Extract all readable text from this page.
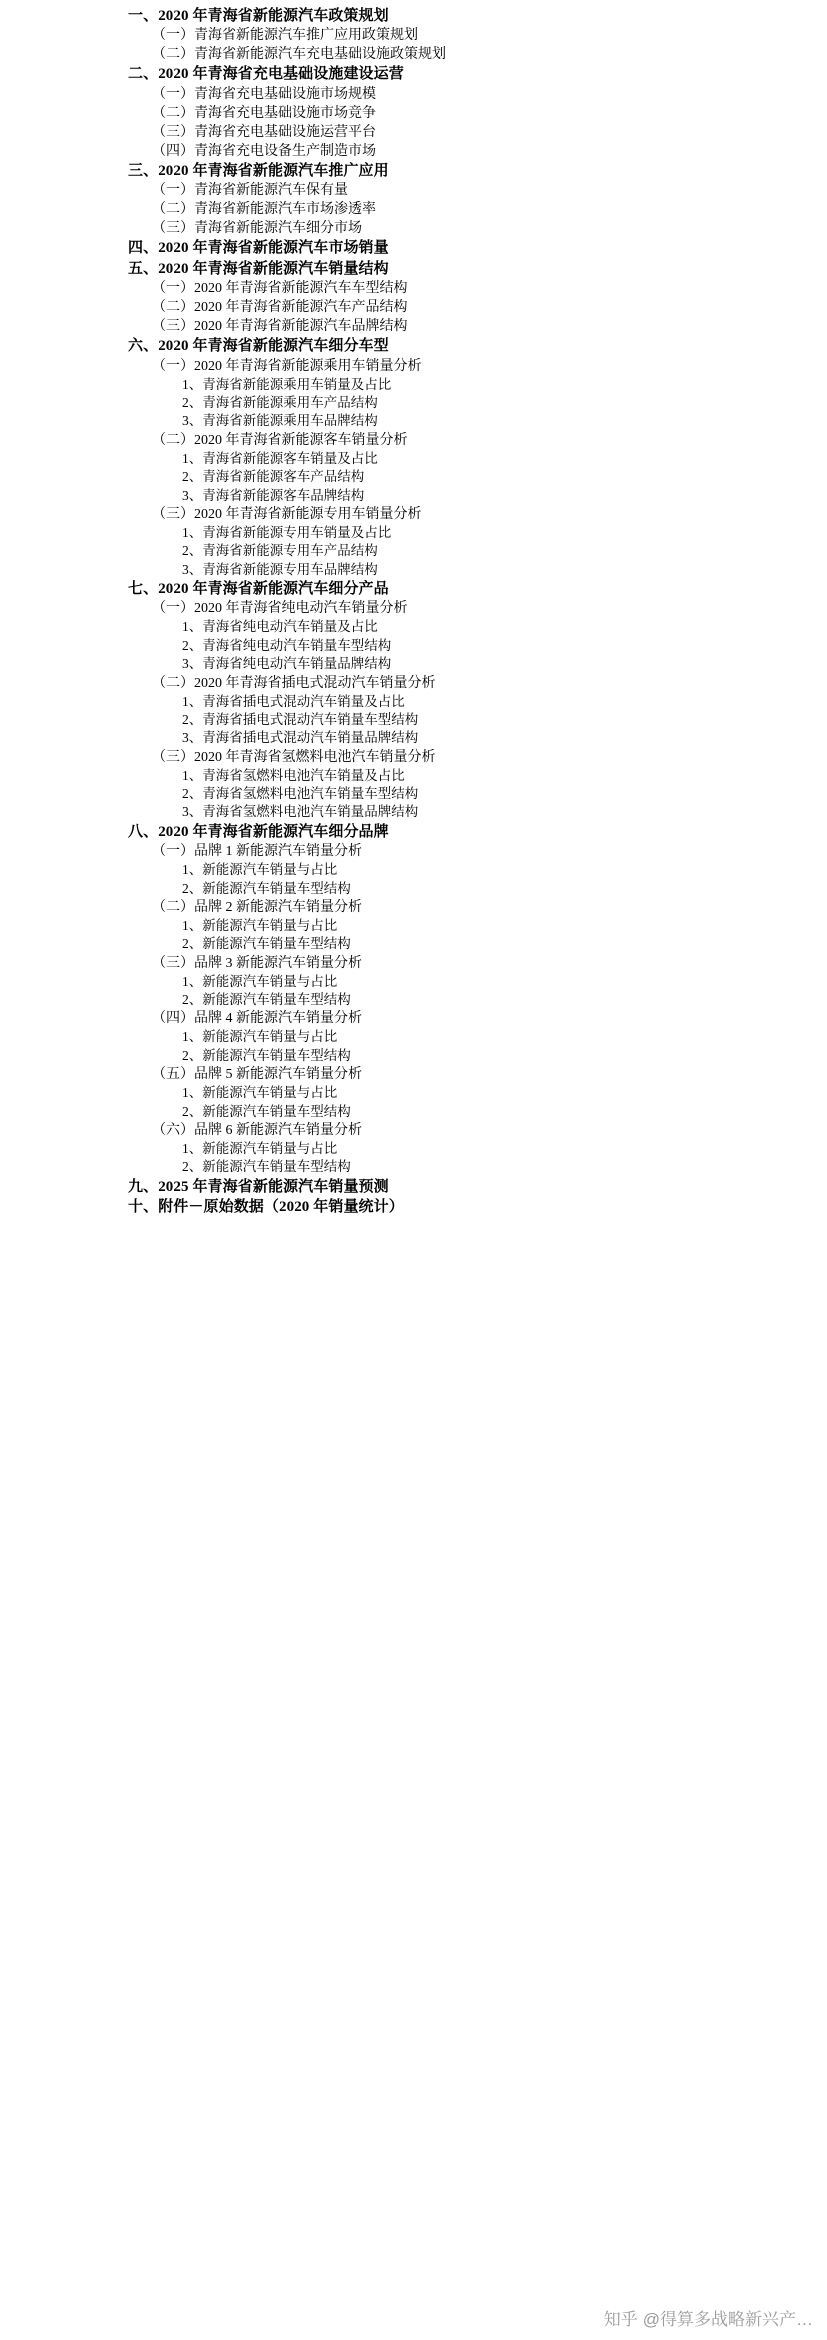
一、2020 年青海省新能源汽车政策规划
（一）青海省新能源汽车推广应用政策规划
（二）青海省新能源汽车充电基础设施政策规划
二、2020 年青海省充电基础设施建设运营
（一）青海省充电基础设施市场规模
（二）青海省充电基础设施市场竞争
（三）青海省充电基础设施运营平台
（四）青海省充电设备生产制造市场
三、2020 年青海省新能源汽车推广应用
（一）青海省新能源汽车保有量
（二）青海省新能源汽车市场渗透率
（三）青海省新能源汽车细分市场
四、2020 年青海省新能源汽车市场销量
五、2020 年青海省新能源汽车销量结构
（一）2020 年青海省新能源汽车车型结构
（二）2020 年青海省新能源汽车产品结构
（三）2020 年青海省新能源汽车品牌结构
六、2020 年青海省新能源汽车细分车型
（一）2020 年青海省新能源乘用车销量分析
1、青海省新能源乘用车销量及占比
2、青海省新能源乘用车产品结构
3、青海省新能源乘用车品牌结构
（二）2020 年青海省新能源客车销量分析
1、青海省新能源客车销量及占比
2、青海省新能源客车产品结构
3、青海省新能源客车品牌结构
（三）2020 年青海省新能源专用车销量分析
1、青海省新能源专用车销量及占比
2、青海省新能源专用车产品结构
3、青海省新能源专用车品牌结构
七、2020 年青海省新能源汽车细分产品
（一）2020 年青海省纯电动汽车销量分析
1、青海省纯电动汽车销量及占比
2、青海省纯电动汽车销量车型结构
3、青海省纯电动汽车销量品牌结构
（二）2020 年青海省插电式混动汽车销量分析
1、青海省插电式混动汽车销量及占比
2、青海省插电式混动汽车销量车型结构
3、青海省插电式混动汽车销量品牌结构
（三）2020 年青海省氢燃料电池汽车销量分析
1、青海省氢燃料电池汽车销量及占比
2、青海省氢燃料电池汽车销量车型结构
3、青海省氢燃料电池汽车销量品牌结构
八、2020 年青海省新能源汽车细分品牌
（一）品牌 1 新能源汽车销量分析
1、新能源汽车销量与占比
2、新能源汽车销量车型结构
（二）品牌 2 新能源汽车销量分析
1、新能源汽车销量与占比
2、新能源汽车销量车型结构
（三）品牌 3 新能源汽车销量分析
1、新能源汽车销量与占比
2、新能源汽车销量车型结构
（四）品牌 4 新能源汽车销量分析
1、新能源汽车销量与占比
2、新能源汽车销量车型结构
（五）品牌 5 新能源汽车销量分析
1、新能源汽车销量与占比
2、新能源汽车销量车型结构
（六）品牌 6 新能源汽车销量分析
1、新能源汽车销量与占比
2、新能源汽车销量车型结构
九、2025 年青海省新能源汽车销量预测
十、附件－原始数据（2020 年销量统计）
知乎 @得算多战略新兴产…
